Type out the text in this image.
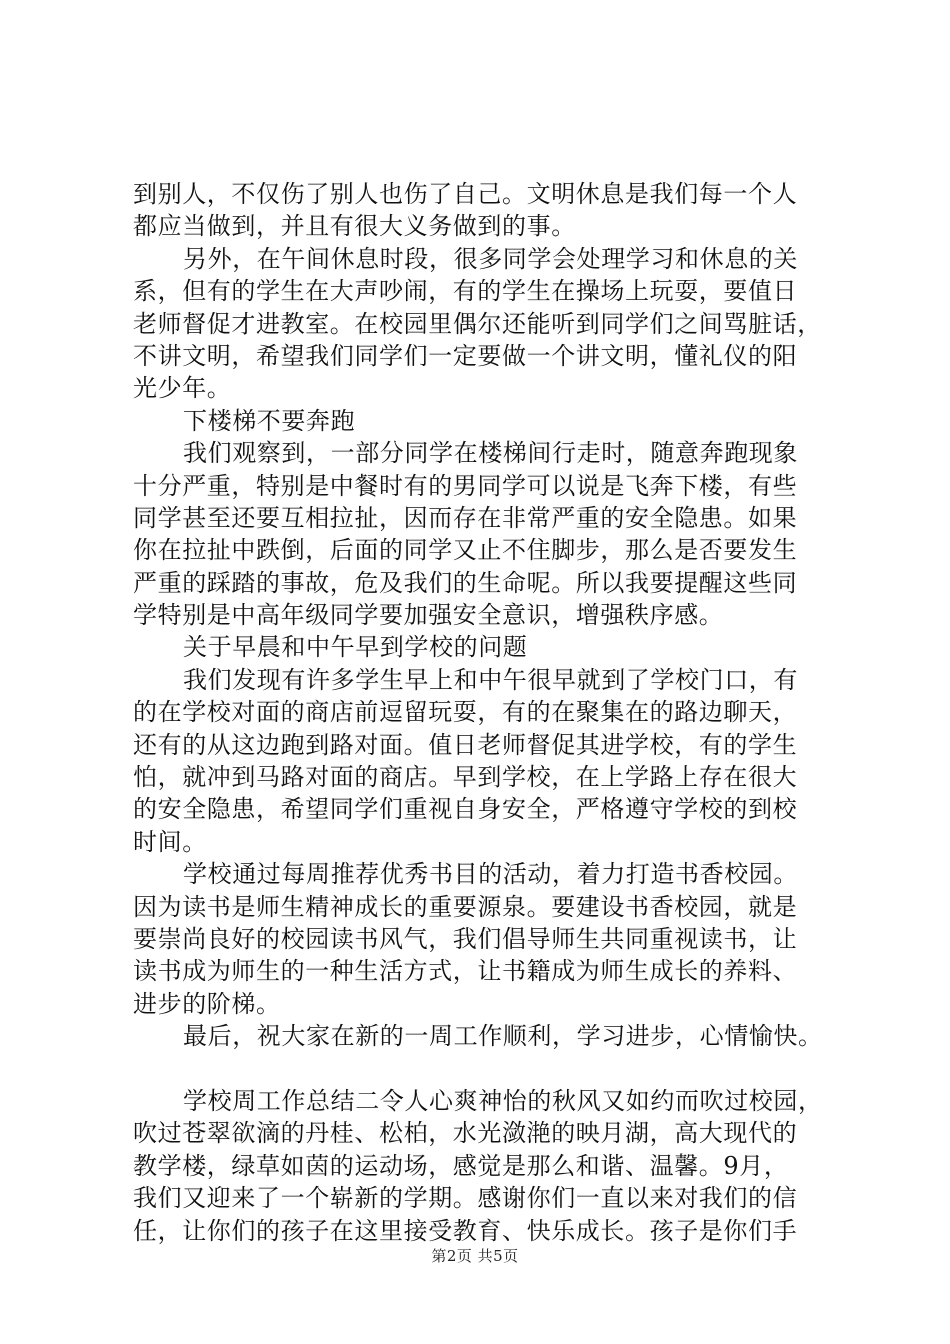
到别人，不仅伤了别人也伤了自己。文明休息是我们每一个人
都应当做到，并且有很大义务做到的事。
另外，在午间休息时段，很多同学会处理学习和休息的关
系，但有的学生在大声吵闹，有的学生在操场上玩耍，要值日
老师督促才进教室。在校园里偶尔还能听到同学们之间骂脏话，
不讲文明，希望我们同学们一定要做一个讲文明，懂礼仪的阳
光少年。
下楼梯不要奔跑
我们观察到，一部分同学在楼梯间行走时，随意奔跑现象
十分严重，特别是中餐时有的男同学可以说是飞奔下楼，有些
同学甚至还要互相拉扯，因而存在非常严重的安全隐患。如果
你在拉扯中跌倒，后面的同学又止不住脚步，那么是否要发生
严重的踩踏的事故，危及我们的生命呢。所以我要提醒这些同
学特别是中高年级同学要加强安全意识，增强秩序感。
关于早晨和中午早到学校的问题
我们发现有许多学生早上和中午很早就到了学校门口，有
的在学校对面的商店前逗留玩耍，有的在聚集在的路边聊天，
还有的从这边跑到路对面。值日老师督促其进学校，有的学生
怕，就冲到马路对面的商店。早到学校，在上学路上存在很大
的安全隐患，希望同学们重视自身安全，严格遵守学校的到校
时间。
学校通过每周推荐优秀书目的活动，着力打造书香校园。
因为读书是师生精神成长的重要源泉。要建设书香校园，就是
要崇尚良好的校园读书风气，我们倡导师生共同重视读书，让
读书成为师生的一种生活方式，让书籍成为师生成长的养料、
进步的阶梯。
最后，祝大家在新的一周工作顺利，学习进步，心情愉快。
学校周工作总结二令人心爽神怡的秋风又如约而吹过校园，
吹过苍翠欲滴的丹桂、松柏，水光潋滟的映月湖，高大现代的
教学楼，绿草如茵的运动场，感觉是那么和谐、温馨。9月，
我们又迎来了一个崭新的学期。感谢你们一直以来对我们的信
任，让你们的孩子在这里接受教育、快乐成长。孩子是你们手
第2页 共5页
